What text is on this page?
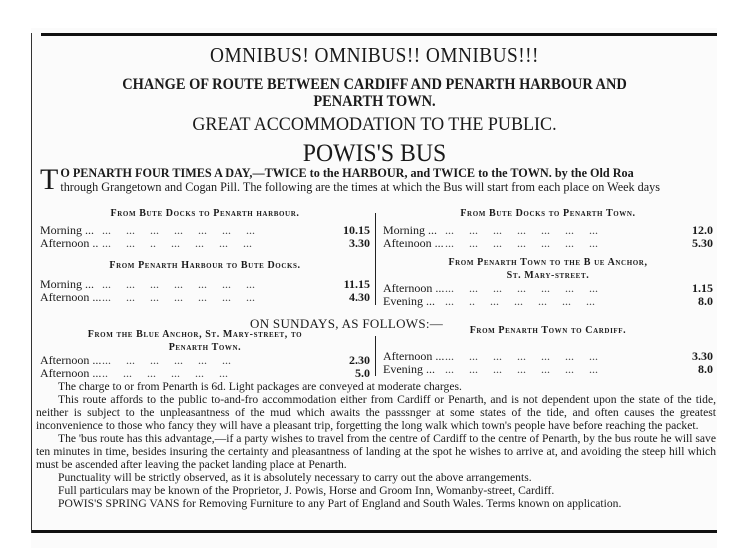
OMNIBUS! OMNIBUS!! OMNIBUS!!!
CHANGE OF ROUTE BETWEEN CARDIFF AND PENARTH HARBOUR AND
PENARTH TOWN.
GREAT ACCOMMODATION TO THE PUBLIC.
POWIS'S BUS
T O PENARTH FOUR TIMES A DAY,—TWICE to the HARBOUR, and TWICE to the TOWN. by the Old Roa
through Grangetown and Cogan Pill. The following are the times at which the Bus will start from each place on Week days
From Bute Docks to Penarth harbour.
Morning ... ... ... ... ... ... ... ...	10.15
Afternoon .. ... ... .. ... ... ... ...	3.30
From Penarth Harbour to Bute Docks.
Morning ... ... ... ... ... ... ... ...	11.15
Afternoon ... ... ... ... ... ... ... ...	4.30
From Bute Docks to Penarth Town.
Morning ... ... ... ... ... ... ... ...	12.0
Afteınoon ... ... ... ... ... ... ... ...	5.30
From Penarth Town to the B ue Anchor,
St. Mary-street.
Afternoon ... ... ... ... ... ... ... ...	1.15
Evening ... ... .. ... ... ... ... ...	8.0
ON SUNDAYS, AS FOLLOWS:—
From the Blue Anchor, St. Mary-street, to
Penarth Town.
Afternoon ... ... ... ... ... ... ...	2.30
Afternoon ... .. ... ... ... ... ...	5.0
From Penarth Town to Cardiff.
Afternoon ... ... ... ... ... ... ... ...	3.30
Evening ... ... ... ... ... ... ... ...	8.0

The charge to or from Penarth is 6d. Light packages are conveyed at moderate charges.

This route affords to the public to-and-fro accommodation either from Cardiff or Penarth, and is not dependent upon the state of the tide, neither is subject to the unpleasantness of the mud which awaits the passsnger at some states of the tide, and often causes the greatest inconvenience to those who fancy they will have a pleasant trip, forgetting the long walk which town's people have before reaching the packet.

The 'bus route has this advantage,—if a party wishes to travel from the centre of Cardiff to the centre of Penarth, by the bus route he will save ten minutes in time, besides insuring the certainty and pleasantness of landing at the spot he wishes to arrive at, and avoiding the steep hill which must be ascended after leaving the packet landing place at Penarth.

Punctuality will be strictly observed, as it is absolutely necessary to carry out the above arrangements.

Full particulars may be known of the Proprietor, J. Powis, Horse and Groom Inn, Womanby-street, Cardiff.

POWIS'S SPRING VANS for Removing Furniture to any Part of England and South Wales. Terms known on application.
